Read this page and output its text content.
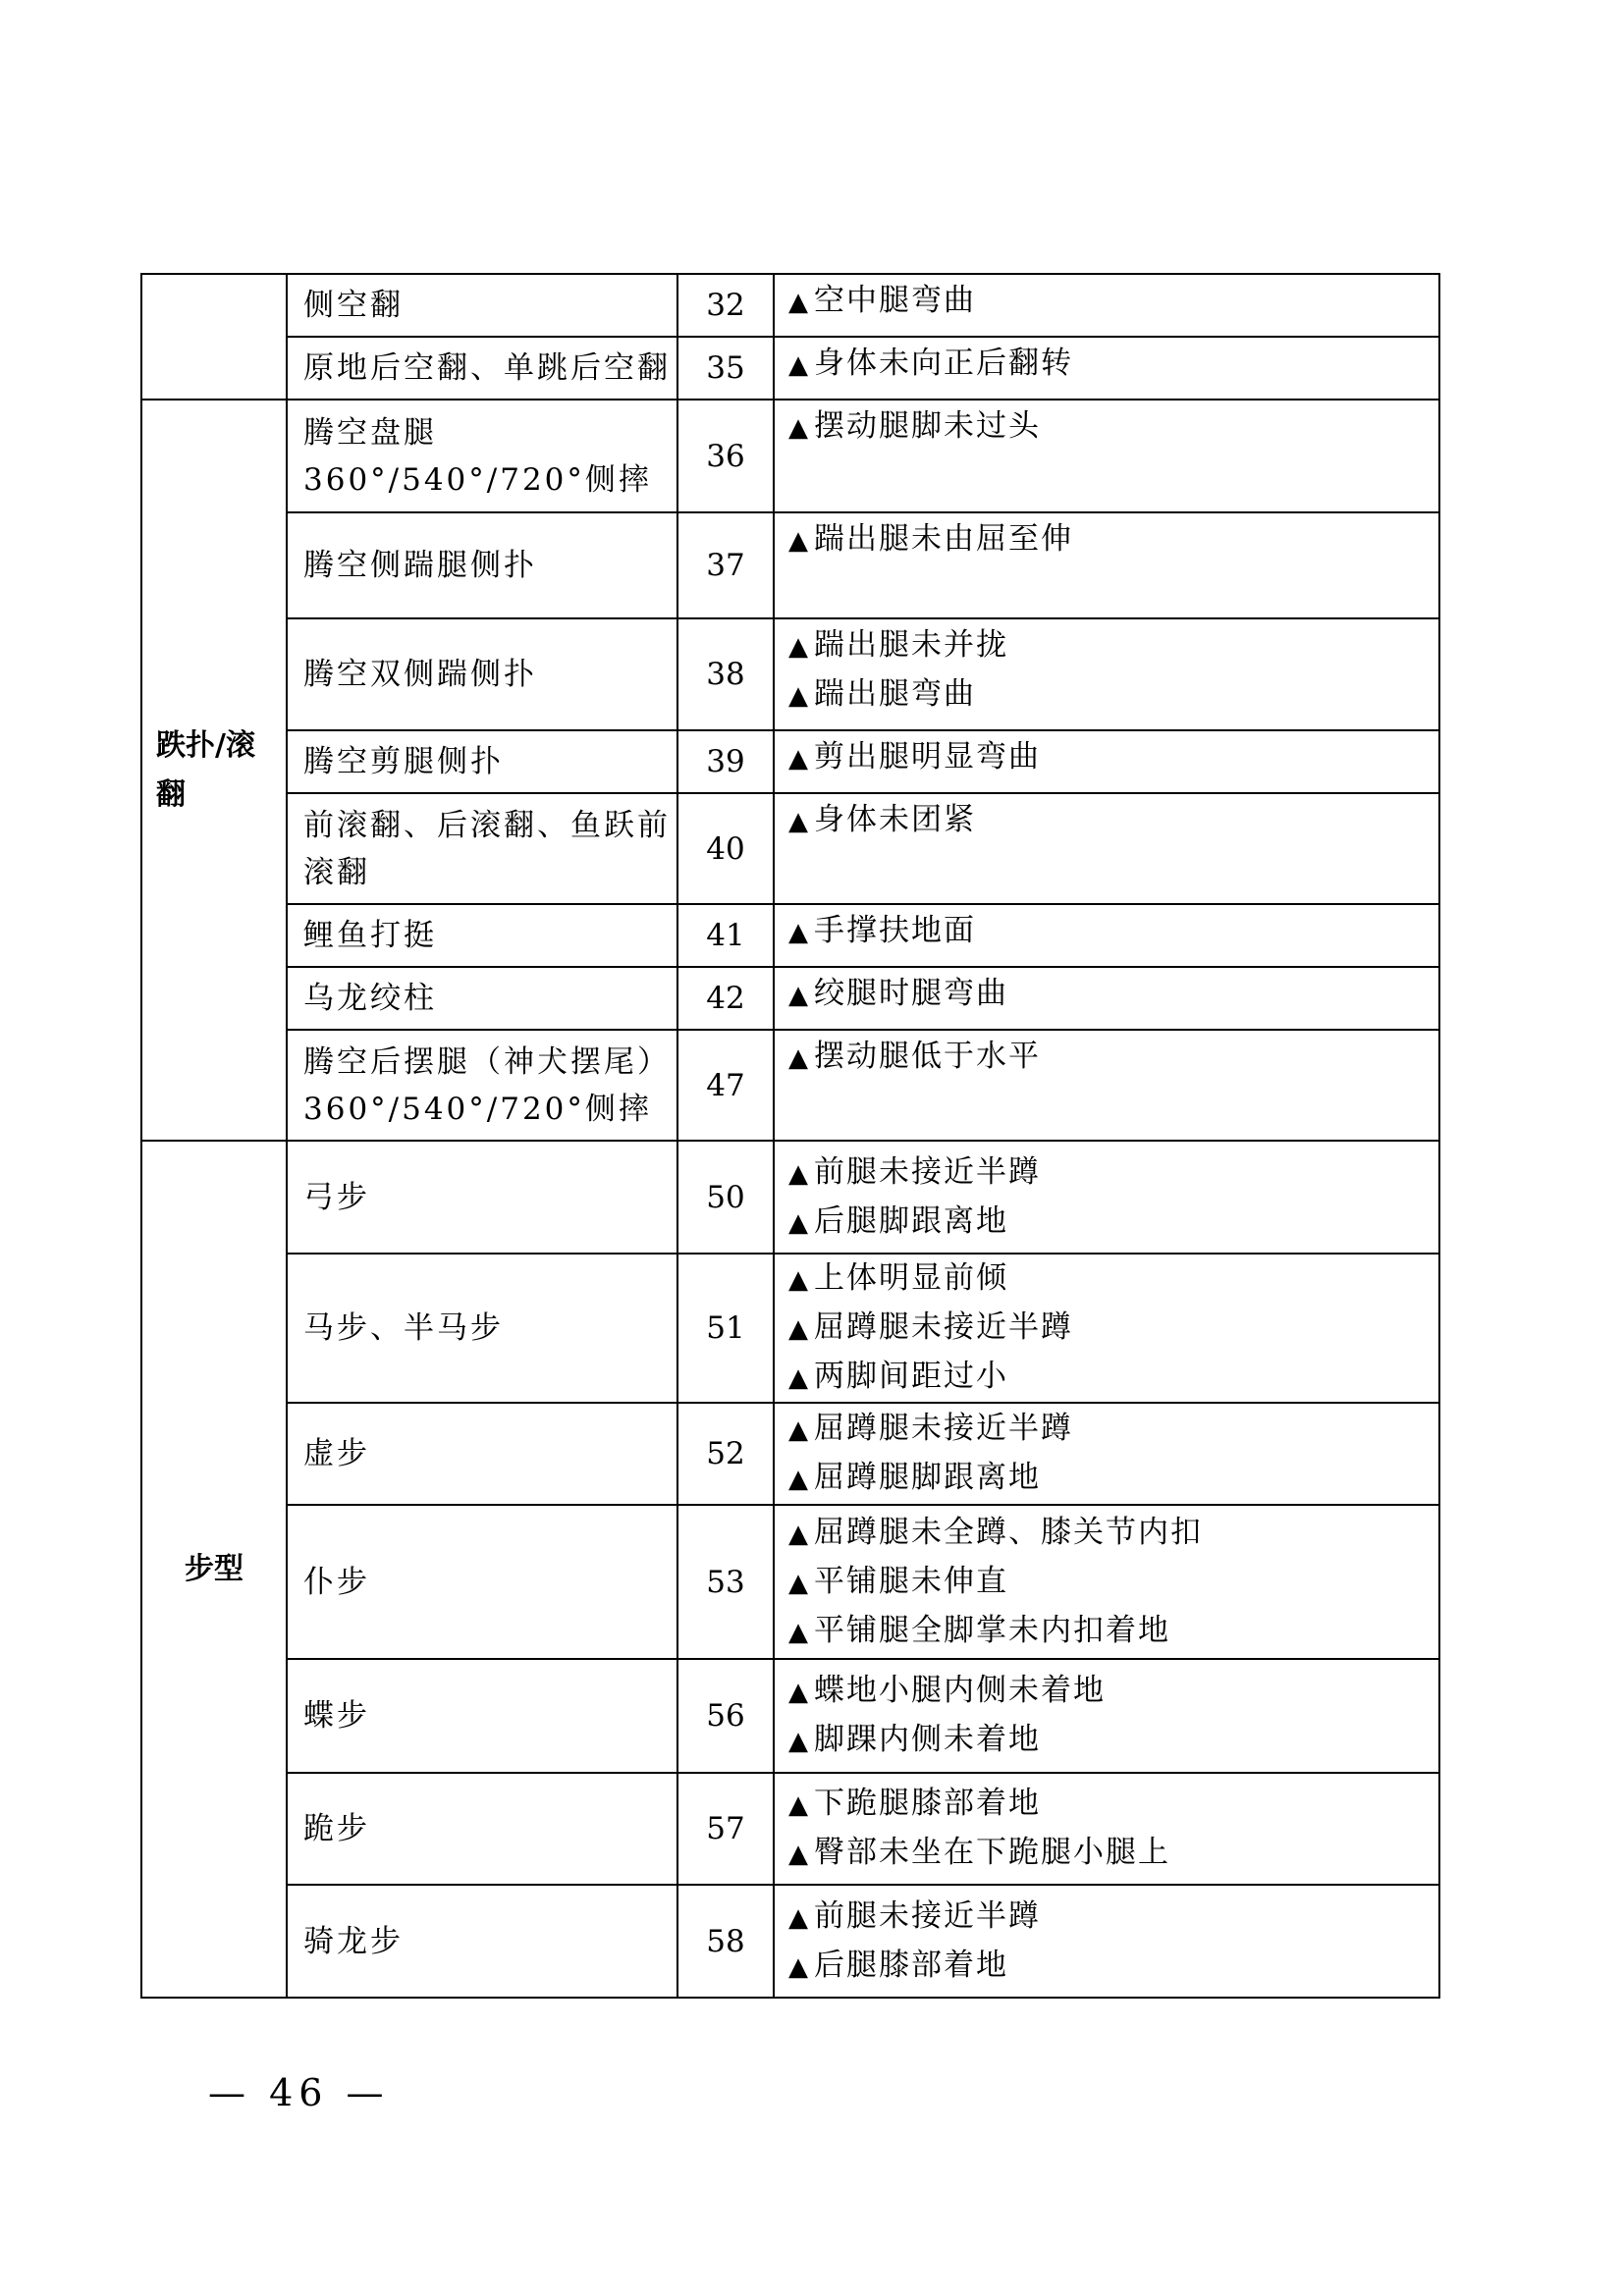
	侧空翻	32	▲ 空中腿弯曲

	原地后空翻、单跳后空翻	35	▲ 身体未向正后翻转

跌扑/滚翻	腾空盘腿 360°/540°/720°侧摔	36	▲ 摆动腿脚未过头

	腾空侧踹腿侧扑	37	▲ 踹出腿未由屈至伸

	腾空双侧踹侧扑	38	▲ 踹出腿未并拢
▲ 踹出腿弯曲

	腾空剪腿侧扑	39	▲ 剪出腿明显弯曲

	前滚翻、后滚翻、鱼跃前滚翻	40	▲ 身体未团紧

	鲤鱼打挺	41	▲ 手撑扶地面

	乌龙绞柱	42	▲ 绞腿时腿弯曲

	腾空后摆腿（神犬摆尾）360°/540°/720°侧摔	47	▲ 摆动腿低于水平

步型	弓步	50	▲ 前腿未接近半蹲
▲ 后腿脚跟离地

	马步、半马步	51	▲ 上体明显前倾
▲ 屈蹲腿未接近半蹲
▲ 两脚间距过小

	虚步	52	▲ 屈蹲腿未接近半蹲
▲ 屈蹲腿脚跟离地

	仆步	53	▲ 屈蹲腿未全蹲、膝关节内扣
▲ 平铺腿未伸直
▲ 平铺腿全脚掌未内扣着地

	蝶步	56	▲ 蝶地小腿内侧未着地
▲ 脚踝内侧未着地

	跪步	57	▲ 下跪腿膝部着地
▲ 臀部未坐在下跪腿小腿上

	骑龙步	58	▲ 前腿未接近半蹲
▲ 后腿膝部着地
— 46 —
